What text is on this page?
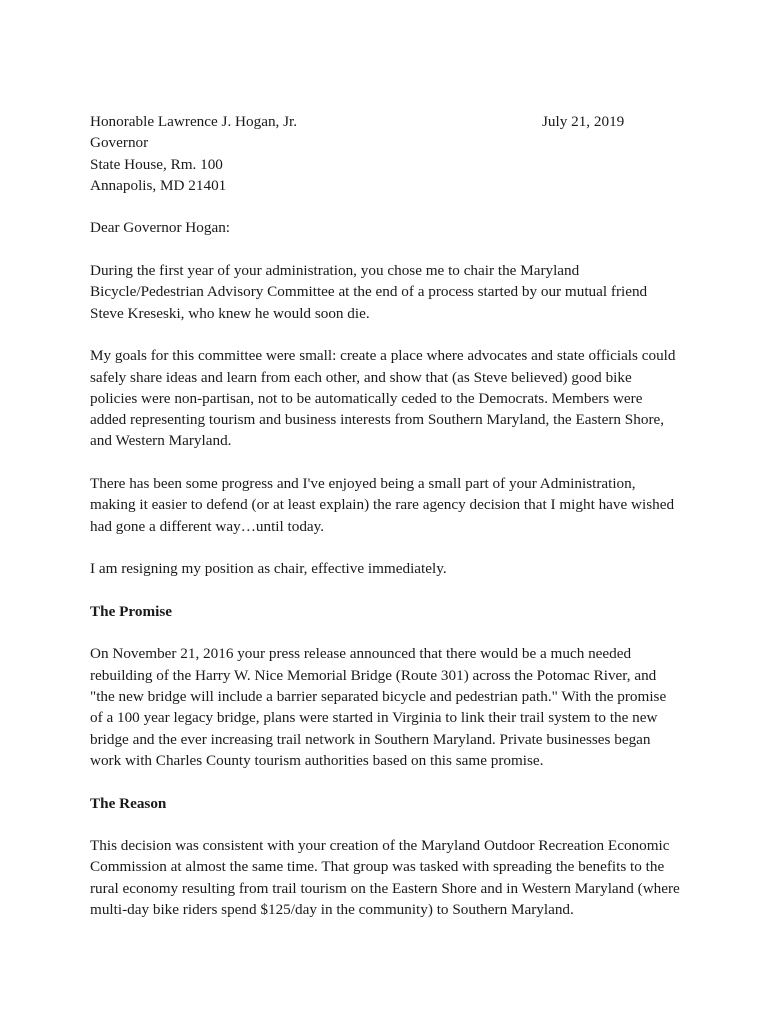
Honorable Lawrence J. Hogan, Jr.
Governor
State House, Rm. 100
Annapolis, MD 21401
July 21, 2019
Dear Governor Hogan:

During the first year of your administration, you chose me to chair the Maryland
Bicycle/Pedestrian Advisory Committee at the end of a process started by our mutual friend
Steve Kreseski, who knew he would soon die.

My goals for this committee were small: create a place where advocates and state officials could
safely share ideas and learn from each other, and show that (as Steve believed) good bike
policies were non-partisan, not to be automatically ceded to the Democrats. Members were
added representing tourism and business interests from Southern Maryland, the Eastern Shore,
and Western Maryland.

There has been some progress and I've enjoyed being a small part of your Administration,
making it easier to defend (or at least explain) the rare agency decision that I might have wished
had gone a different way…until today.

I am resigning my position as chair, effective immediately.

The Promise

On November 21, 2016 your press release announced that there would be a much needed
rebuilding of the Harry W. Nice Memorial Bridge (Route 301) across the Potomac River, and
"the new bridge will include a barrier separated bicycle and pedestrian path." With the promise
of a 100 year legacy bridge, plans were started in Virginia to link their trail system to the new
bridge and the ever increasing trail network in Southern Maryland. Private businesses began
work with Charles County tourism authorities based on this same promise.

The Reason

This decision was consistent with your creation of the Maryland Outdoor Recreation Economic
Commission at almost the same time. That group was tasked with spreading the benefits to the
rural economy resulting from trail tourism on the Eastern Shore and in Western Maryland (where
multi-day bike riders spend $125/day in the community) to Southern Maryland.
